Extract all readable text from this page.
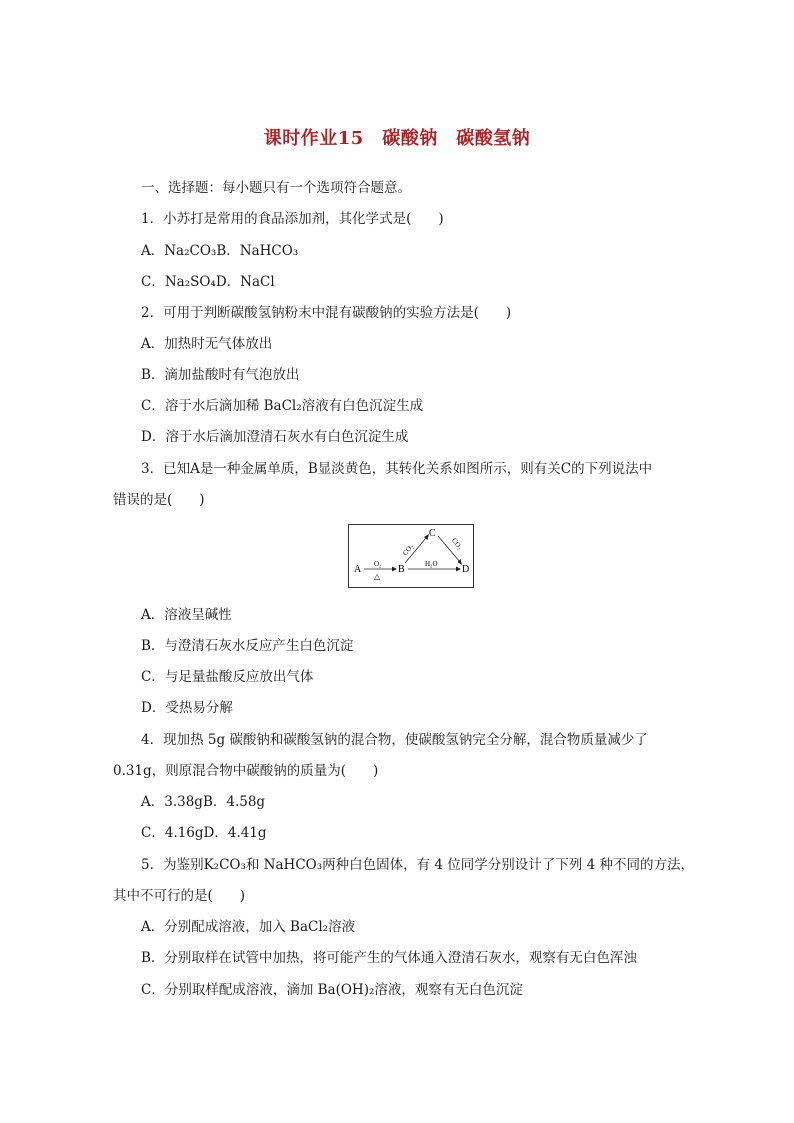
课时作业15　碳酸钠　碳酸氢钠
一、选择题：每小题只有一个选项符合题意。
1．小苏打是常用的食品添加剂，其化学式是(　　)
A．Na₂CO₃B．NaHCO₃
C．Na₂SO₄D．NaCl
2．可用于判断碳酸氢钠粉末中混有碳酸钠的实验方法是(　　)
A．加热时无气体放出
B．滴加盐酸时有气泡放出
C．溶于水后滴加稀 BaCl₂溶液有白色沉淀生成
D．溶于水后滴加澄清石灰水有白色沉淀生成
3．已知A是一种金属单质，B显淡黄色，其转化关系如图所示，则有关C的下列说法中
错误的是(　　)
A O₂
△
B	H₂O D
C
CO₂	CO₂
A．溶液呈碱性
B．与澄清石灰水反应产生白色沉淀
C．与足量盐酸反应放出气体
D．受热易分解
4．现加热 5g 碳酸钠和碳酸氢钠的混合物，使碳酸氢钠完全分解，混合物质量减少了
0.31g，则原混合物中碳酸钠的质量为(　　)
A．3.38gB．4.58g
C．4.16gD．4.41g
5．为鉴别K₂CO₃和 NaHCO₃两种白色固体，有 4 位同学分别设计了下列 4 种不同的方法，
其中不可行的是(　　)
A．分别配成溶液，加入 BaCl₂溶液
B．分别取样在试管中加热，将可能产生的气体通入澄清石灰水，观察有无白色浑浊
C．分别取样配成溶液，滴加 Ba(OH)₂溶液，观察有无白色沉淀
